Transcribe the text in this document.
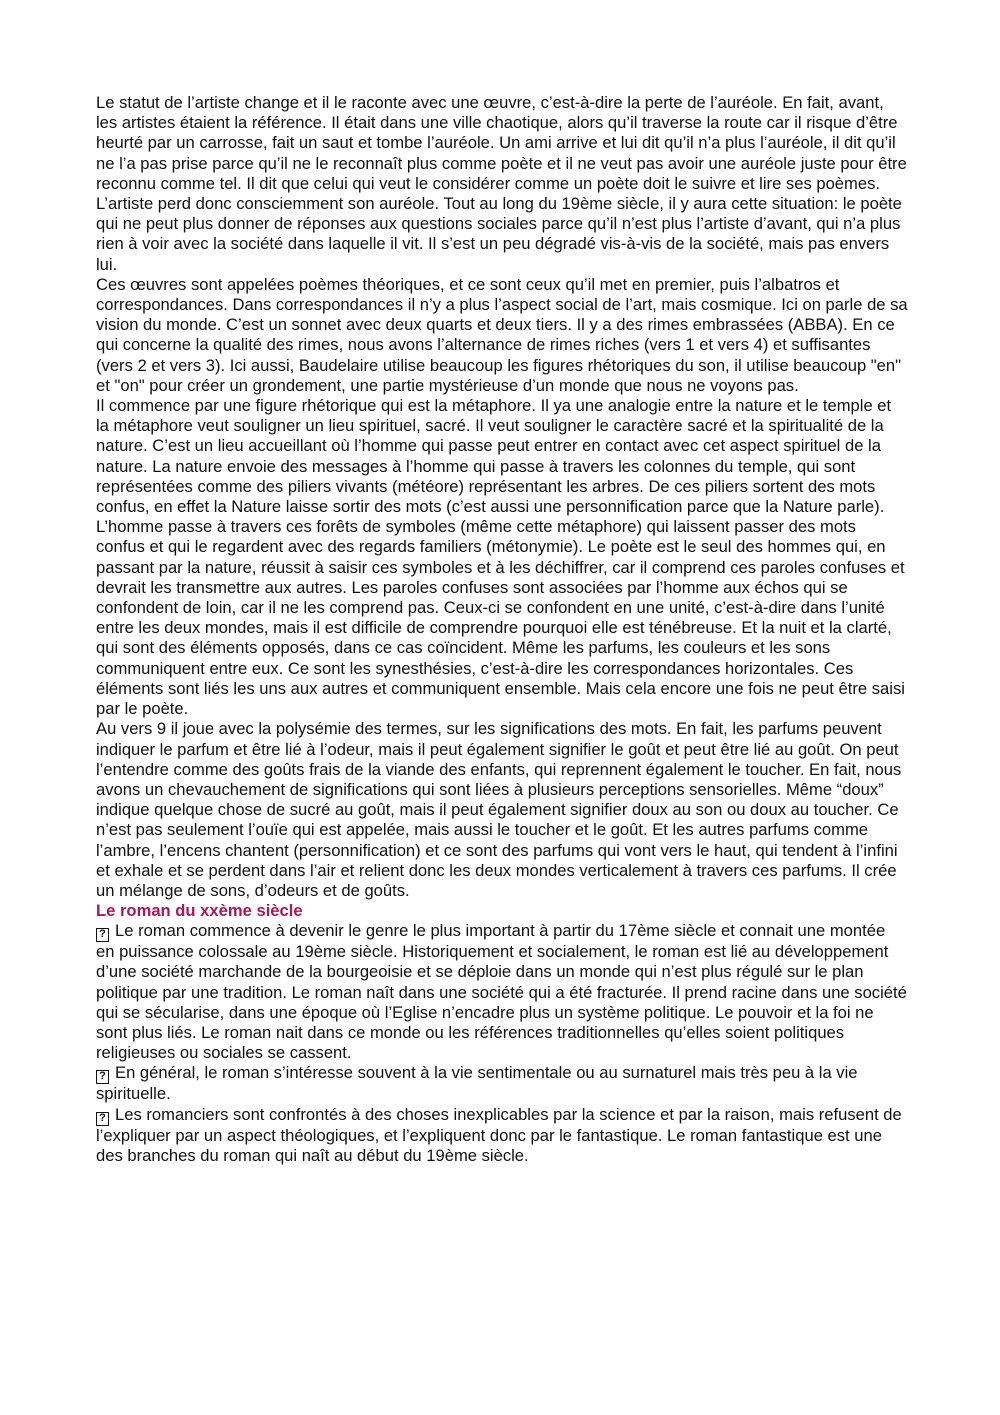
Le statut de l’artiste change et il le raconte avec une œuvre, c’est-à-dire la perte de l’auréole. En fait, avant, les artistes étaient la référence. Il était dans une ville chaotique, alors qu’il traverse la route car il risque d’être heurté par un carrosse, fait un saut et tombe l’auréole. Un ami arrive et lui dit qu’il n’a plus l’auréole, il dit qu’il ne l’a pas prise parce qu’il ne le reconnaît plus comme poète et il ne veut pas avoir une auréole juste pour être reconnu comme tel. Il dit que celui qui veut le considérer comme un poète doit le suivre et lire ses poèmes. L’artiste perd donc consciemment son auréole. Tout au long du 19ème siècle, il y aura cette situation: le poète qui ne peut plus donner de réponses aux questions sociales parce qu’il n’est plus l’artiste d’avant, qui n’a plus rien à voir avec la société dans laquelle il vit. Il s’est un peu dégradé vis-à-vis de la société, mais pas envers lui.

Ces œuvres sont appelées poèmes théoriques, et ce sont ceux qu’il met en premier, puis l’albatros et correspondances. Dans correspondances il n’y a plus l’aspect social de l’art, mais cosmique. Ici on parle de sa vision du monde. C’est un sonnet avec deux quarts et deux tiers. Il y a des rimes embrassées (ABBA). En ce qui concerne la qualité des rimes, nous avons l’alternance de rimes riches (vers 1 et vers 4) et suffisantes (vers 2 et vers 3). Ici aussi, Baudelaire utilise beaucoup les figures rhétoriques du son, il utilise beaucoup "en" et "on" pour créer un grondement, une partie mystérieuse d’un monde que nous ne voyons pas.

Il commence par une figure rhétorique qui est la métaphore. Il ya une analogie entre la nature et le temple et la métaphore veut souligner un lieu spirituel, sacré. Il veut souligner le caractère sacré et la spiritualité de la nature. C’est un lieu accueillant où l’homme qui passe peut entrer en contact avec cet aspect spirituel de la nature. La nature envoie des messages à l’homme qui passe à travers les colonnes du temple, qui sont représentées comme des piliers vivants (météore) représentant les arbres. De ces piliers sortent des mots confus, en effet la Nature laisse sortir des mots (c’est aussi une personnification parce que la Nature parle). L’homme passe à travers ces forêts de symboles (même cette métaphore) qui laissent passer des mots confus et qui le regardent avec des regards familiers (métonymie). Le poète est le seul des hommes qui, en passant par la nature, réussit à saisir ces symboles et à les déchiffrer, car il comprend ces paroles confuses et devrait les transmettre aux autres. Les paroles confuses sont associées par l’homme aux échos qui se confondent de loin, car il ne les comprend pas. Ceux-ci se confondent en une unité, c’est-à-dire dans l’unité entre les deux mondes, mais il est difficile de comprendre pourquoi elle est ténébreuse. Et la nuit et la clarté, qui sont des éléments opposés, dans ce cas coïncident. Même les parfums, les couleurs et les sons communiquent entre eux. Ce sont les synesthésies, c’est-à-dire les correspondances horizontales. Ces éléments sont liés les uns aux autres et communiquent ensemble. Mais cela encore une fois ne peut être saisi par le poète.

Au vers 9 il joue avec la polysémie des termes, sur les significations des mots. En fait, les parfums peuvent indiquer le parfum et être lié à l’odeur, mais il peut également signifier le goût et peut être lié au goût. On peut l’entendre comme des goûts frais de la viande des enfants, qui reprennent également le toucher. En fait, nous avons un chevauchement de significations qui sont liées à plusieurs perceptions sensorielles. Même “doux” indique quelque chose de sucré au goût, mais il peut également signifier doux au son ou doux au toucher. Ce n’est pas seulement l’ouïe qui est appelée, mais aussi le toucher et le goût. Et les autres parfums comme l’ambre, l’encens chantent (personnification) et ce sont des parfums qui vont vers le haut, qui tendent à l’infini et exhale et se perdent dans l’air et relient donc les deux mondes verticalement à travers ces parfums. Il crée un mélange de sons, d’odeurs et de goûts.

Le roman du xxème siècle

? Le roman commence à devenir le genre le plus important à partir du 17ème siècle et connait une montée en puissance colossale au 19ème siècle. Historiquement et socialement, le roman est lié au développement d’une société marchande de la bourgeoisie et se déploie dans un monde qui n’est plus régulé sur le plan politique par une tradition. Le roman naît dans une société qui a été fracturée. Il prend racine dans une société qui se sécularise, dans une époque où l’Eglise n’encadre plus un système politique. Le pouvoir et la foi ne sont plus liés. Le roman nait dans ce monde ou les références traditionnelles qu’elles soient politiques religieuses ou sociales se cassent.

? En général, le roman s’intéresse souvent à la vie sentimentale ou au surnaturel mais très peu à la vie spirituelle.

? Les romanciers sont confrontés à des choses inexplicables par la science et par la raison, mais refusent de l’expliquer par un aspect théologiques, et l’expliquent donc par le fantastique. Le roman fantastique est une des branches du roman qui naît au début du 19ème siècle.
